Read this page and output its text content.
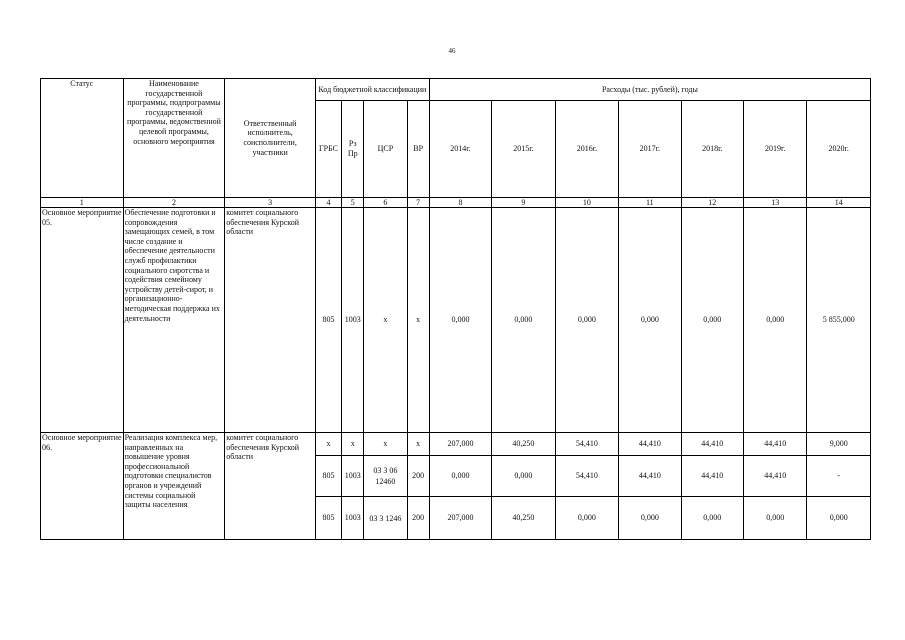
46
Статус	Наименование государственной программы, подпрограммы государственной программы, ведомственной целевой программы, основного мероприятия	Ответственный исполнитель, соисполнители, участники	Код бюджетной классификации				Расходы (тыс. рублей), годы						
			ГРБС	Рз Пр	ЦСР	ВР	2014г.	2015г.	2016г.	2017г.	2018г.	2019г.	2020г.
1	2	3	4	5	6	7	8	9	10	11	12	13	14
Основное мероприятие 05.	Обеспечение подготовки и сопровождения замещающих семей, в том числе создание и обеспечение деятельности служб профилактики социального сиротства и содействия семейному устройству детей-сирот, и организационно-методическая поддержка их деятельности	комитет социального обеспечения Курской области	805	1003	х	х	0,000	0,000	0,000	0,000	0,000	0,000	5 855,000
Основное мероприятие 06.	Реализация комплекса мер, направленных на повышение уровня профессиональной подготовки специалистов органов и учреждений системы социальной защиты населения	комитет социального обеспечения Курской области	х	х	х	х	207,000	40,250	54,410	44,410	44,410	44,410	9,000
			805	1003	03 3 06 12460	200	0,000	0,000	54,410	44,410	44,410	44,410	-
			805	1003	03 3 1246	200	207,000	40,250	0,000	0,000	0,000	0,000	0,000
